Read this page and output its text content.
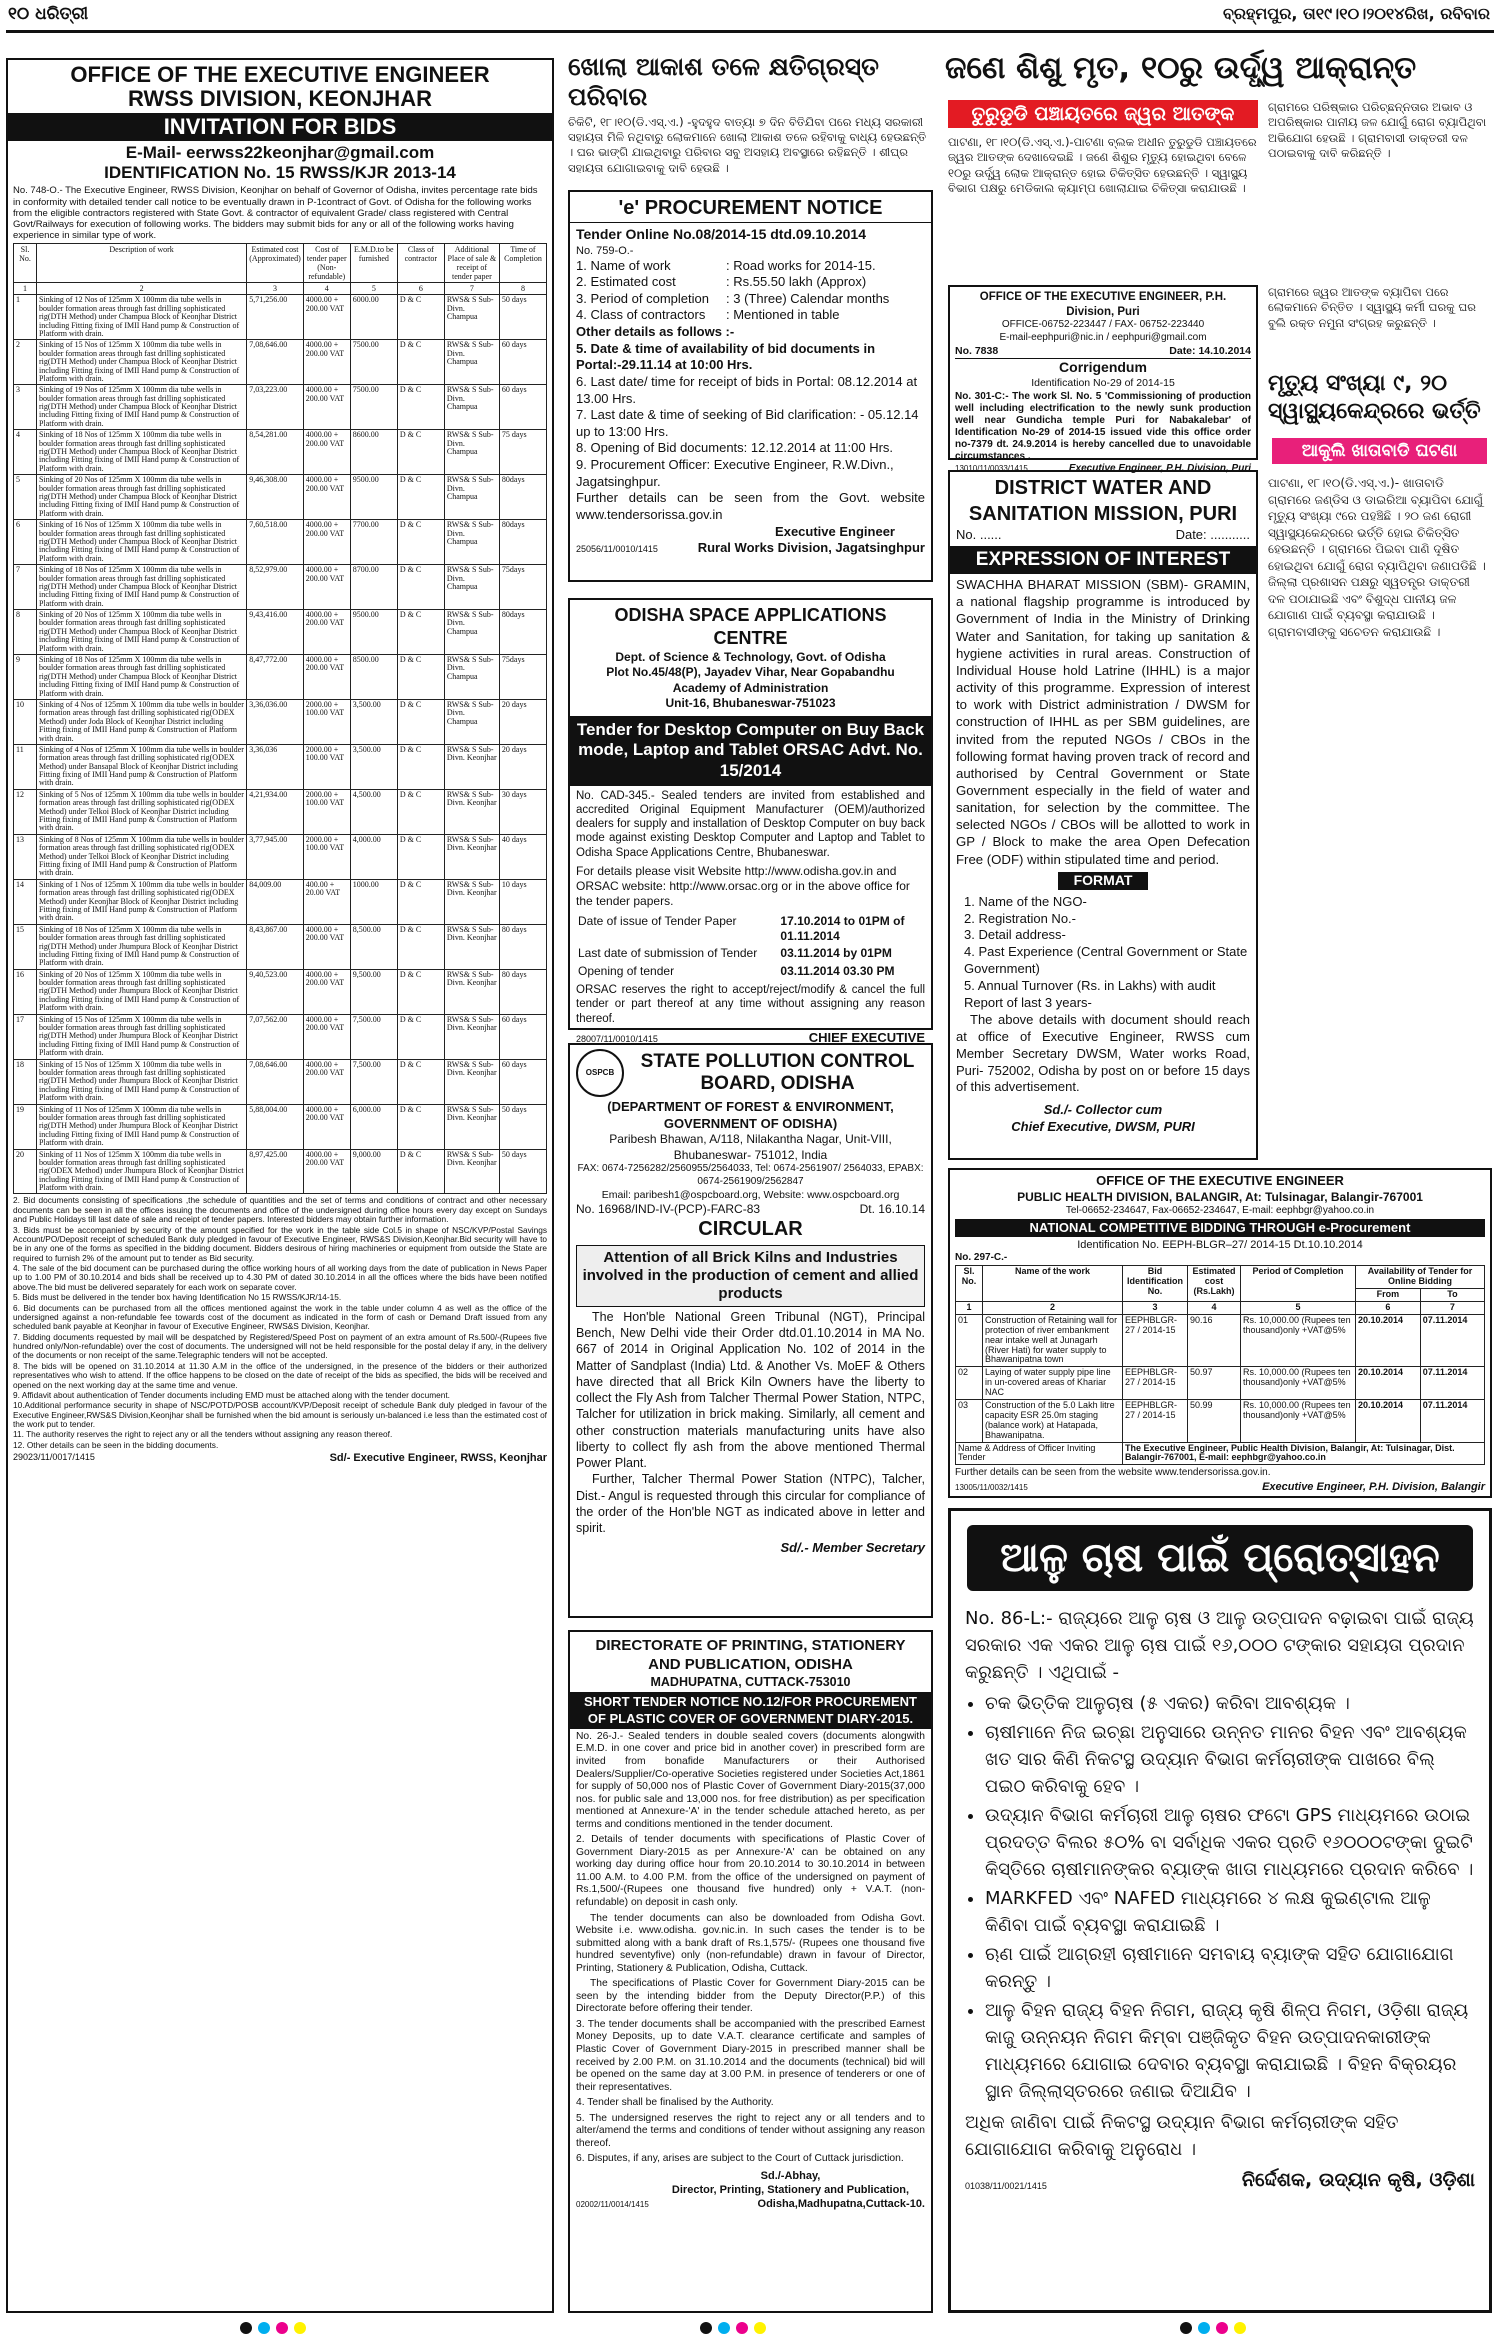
୧୦ ଧରିତ୍ରୀ	ବ୍ରହ୍ମପୁର, ତା୧୯।୧୦।୨୦୧୪ରିଖ, ରବିବାର
OFFICE OF THE EXECUTIVE ENGINEER
RWSS DIVISION, KEONJHAR
INVITATION FOR BIDS
E-Mail- eerwss22keonjhar@gmail.com
IDENTIFICATION No. 15 RWSS/KJR 2013-14
No. 748-O.- The Executive Engineer, RWSS Division, Keonjhar on behalf of Governor of Odisha, invites percentage rate bids in conformity with detailed tender call notice to be eventually drawn in P-1contract of Govt. of Odisha for the following works from the eligible contractors registered with State Govt. & contractor of equivalent Grade/ class registered with Central Govt/Railways for execution of following works. The bidders may submit bids for any or all of the following works having experience in similar type of work.
Sl. No.	Description of work	Estimated cost (Approximated)	Cost of tender paper (Non-refundable)	E.M.D.to be furnished	Class of contractor	Additional Place of sale & receipt of tender paper	Time of Completion
1	2	3	4	5	6	7	8
1	Sinking of 12 Nos of 125mm X 100mm dia tube wells in boulder formation areas through fast drilling sophisticated rig(DTH Method) under Champua Block of Keonjhar District including Fitting fixing of IMII Hand pump & Construction of Platform with drain.	5,71,256.00	4000.00 + 200.00 VAT	6000.00	D & C	RWS& S Sub-Divn. Champua	50 days
2	Sinking of 15 Nos of 125mm X 100mm dia tube wells in boulder formation areas through fast drilling sophisticated rig(DTH Method) under Champua Block of Keonjhar District including Fitting fixing of IMII Hand pump & Construction of Platform with drain.	7,08,646.00	4000.00 + 200.00 VAT	7500.00	D & C	RWS& S Sub-Divn. Champua	60 days
3	Sinking of 19 Nos of 125mm X 100mm dia tube wells in boulder formation areas through fast drilling sophisticated rig(DTH Method) under Champua Block of Keonjhar District including Fitting fixing of IMII Hand pump & Construction of Platform with drain.	7,03,223.00	4000.00 + 200.00 VAT	7500.00	D & C	RWS& S Sub-Divn. Champua	60 days
4	Sinking of 18 Nos of 125mm X 100mm dia tube wells in boulder formation areas through fast drilling sophisticated rig(DTH Method) under Champua Block of Keonjhar District including Fitting fixing of IMII Hand pump & Construction of Platform with drain.	8,54,281.00	4000.00 + 200.00 VAT	8600.00	D & C	RWS& S Sub-Divn. Champua	75 days
5	Sinking of 20 Nos of 125mm X 100mm dia tube wells in boulder formation areas through fast drilling sophisticated rig(DTH Method) under Champua Block of Keonjhar District including Fitting fixing of IMII Hand pump & Construction of Platform with drain.	9,46,308.00	4000.00 + 200.00 VAT	9500.00	D & C	RWS& S Sub-Divn. Champua	80days
6	Sinking of 16 Nos of 125mm X 100mm dia tube wells in boulder formation areas through fast drilling sophisticated rig(DTH Method) under Champua Block of Keonjhar District including Fitting fixing of IMII Hand pump & Construction of Platform with drain.	7,60,518.00	4000.00 + 200.00 VAT	7700.00	D & C	RWS& S Sub-Divn. Champua	80days
7	Sinking of 18 Nos of 125mm X 100mm dia tube wells in boulder formation areas through fast drilling sophisticated rig(DTH Method) under Champua Block of Keonjhar District including Fitting fixing of IMII Hand pump & Construction of Platform with drain.	8,52,979.00	4000.00 + 200.00 VAT	8700.00	D & C	RWS& S Sub-Divn. Champua	75days
8	Sinking of 20 Nos of 125mm X 100mm dia tube wells in boulder formation areas through fast drilling sophisticated rig(DTH Method) under Champua Block of Keonjhar District including Fitting fixing of IMII Hand pump & Construction of Platform with drain.	9,43,416.00	4000.00 + 200.00 VAT	9500.00	D & C	RWS& S Sub-Divn. Champua	80days
9	Sinking of 18 Nos of 125mm X 100mm dia tube wells in boulder formation areas through fast drilling sophisticated rig(DTH Method) under Champua Block of Keonjhar District including Fitting fixing of IMII Hand pump & Construction of Platform with drain.	8,47,772.00	4000.00 + 200.00 VAT	8500.00	D & C	RWS& S Sub-Divn. Champua	75days
10	Sinking of 4 Nos of 125mm X 100mm dia tube wells in boulder formation areas through fast drilling sophisticated rig(ODEX Method) under Joda Block of Keonjhar District including Fitting fixing of IMII Hand pump & Construction of Platform with drain.	3,36,036.00	2000.00 + 100.00 VAT	3,500.00	D & C	RWS& S Sub-Divn. Champua	20 days
11	Sinking of 4 Nos of 125mm X 100mm dia tube wells in boulder formation areas through fast drilling sophisticated rig(ODEX Method) under Bansapal Block of Keonjhar District including Fitting fixing of IMII Hand pump & Construction of Platform with drain.	3,36,036	2000.00 + 100.00 VAT	3,500.00	D & C	RWS& S Sub-Divn. Keonjhar	20 days
12	Sinking of 5 Nos of 125mm X 100mm dia tube wells in boulder formation areas through fast drilling sophisticated rig(ODEX Method) under Telkoi Block of Keonjhar District including Fitting fixing of IMII Hand pump & Construction of Platform with drain.	4,21,934.00	2000.00 + 100.00 VAT	4,500.00	D & C	RWS& S Sub-Divn. Keonjhar	30 days
13	Sinking of 8 Nos of 125mm X 100mm dia tube wells in boulder formation areas through fast drilling sophisticated rig(ODEX Method) under Telkoi Block of Keonjhar District including Fitting fixing of IMII Hand pump & Construction of Platform with drain.	3,77,945.00	2000.00 + 100.00 VAT	4,000.00	D & C	RWS& S Sub-Divn. Keonjhar	40 days
14	Sinking of 1 Nos of 125mm X 100mm dia tube wells in boulder formation areas through fast drilling sophisticated rig(ODEX Method) under Keonjhar Block of Keonjhar District including Fitting fixing of IMII Hand pump & Construction of Platform with drain.	84,009.00	400.00 + 20.00 VAT	1000.00	D & C	RWS& S Sub-Divn. Keonjhar	10 days
15	Sinking of 18 Nos of 125mm X 100mm dia tube wells in boulder formation areas through fast drilling sophisticated rig(DTH Method) under Jhumpura Block of Keonjhar District including Fitting fixing of IMII Hand pump & Construction of Platform with drain.	8,43,867.00	4000.00 + 200.00 VAT	8,500.00	D & C	RWS& S Sub-Divn. Keonjhar	80 days
16	Sinking of 20 Nos of 125mm X 100mm dia tube wells in boulder formation areas through fast drilling sophisticated rig(DTH Method) under Jhumpura Block of Keonjhar District including Fitting fixing of IMII Hand pump & Construction of Platform with drain.	9,40,523.00	4000.00 + 200.00 VAT	9,500.00	D & C	RWS& S Sub-Divn. Keonjhar	80 days
17	Sinking of 15 Nos of 125mm X 100mm dia tube wells in boulder formation areas through fast drilling sophisticated rig(DTH Method) under Jhumpura Block of Keonjhar District including Fitting fixing of IMII Hand pump & Construction of Platform with drain.	7,07,562.00	4000.00 + 200.00 VAT	7,500.00	D & C	RWS& S Sub-Divn. Keonjhar	60 days
18	Sinking of 15 Nos of 125mm X 100mm dia tube wells in boulder formation areas through fast drilling sophisticated rig(DTH Method) under Jhumpura Block of Keonjhar District including Fitting fixing of IMII Hand pump & Construction of Platform with drain.	7,08,646.00	4000.00 + 200.00 VAT	7,500.00	D & C	RWS& S Sub-Divn. Keonjhar	60 days
19	Sinking of 11 Nos of 125mm X 100mm dia tube wells in boulder formation areas through fast drilling sophisticated rig(DTH Method) under Jhumpura Block of Keonjhar District including Fitting fixing of IMII Hand pump & Construction of Platform with drain.	5,88,004.00	4000.00 + 200.00 VAT	6,000.00	D & C	RWS& S Sub-Divn. Keonjhar	50 days
20	Sinking of 11 Nos of 125mm X 100mm dia tube wells in boulder formation areas through fast drilling sophisticated rig(ODEX Method) under Jhumpura Block of Keonjhar District including Fitting fixing of IMII Hand pump & Construction of Platform with drain.	8,97,425.00	4000.00 + 200.00 VAT	9,000.00	D & C	RWS& S Sub-Divn. Keonjhar	50 days
2. Bid documents consisting of specifications ,the schedule of quantities and the set of terms and conditions of contract and other necessary documents can be seen in all the offices issuing the documents and office of the undersigned during office hours every day except on Sundays and Public Holidays till last date of sale and receipt of tender papers. Interested bidders may obtain further information.
3. Bids must be accompanied by security of the amount specified for the work in the table side Col.5 in shape of NSC/KVP/Postal Savings Account/PO/Deposit receipt of scheduled Bank duly pledged in favour of Executive Engineer, RWS&S Division,Keonjhar.Bid security will have to be in any one of the forms as specified in the bidding document. Bidders desirous of hiring machineries or equipment from outside the State are required to furnish 2% of the amount put to tender as Bid security.
4. The sale of the bid document can be purchased during the office working hours of all working days from the date of publication in News Paper up to 1.00 PM of 30.10.2014 and bids shall be received up to 4.30 PM of dated 30.10.2014 in all the offices where the bids have been notified above.The bid must be delivered separately for each work on separate cover.
5. Bids must be delivered in the tender box having Identification No 15 RWSS/KJR/14-15.
6. Bid documents can be purchased from all the offices mentioned against the work in the table under column 4 as well as the office of the undersigned against a non-refundable fee towards cost of the document as indicated in the form of cash or Demand Draft issued from any scheduled bank payable at Keonjhar in favour of Executive Engineer, RWS&S Division, Keonjhar.
7. Bidding documents requested by mail will be despatched by Registered/Speed Post on payment of an extra amount of Rs.500/-(Rupees five hundred only/Non-refundable) over the cost of documents. The undersigned will not be held responsible for the postal delay if any, in the delivery of the documents or non receipt of the same.Telegraphic tenders will not be accepted.
8. The bids will be opened on 31.10.2014 at 11.30 A.M in the office of the undersigned, in the presence of the bidders or their authorized representatives who wish to attend. If the office happens to be closed on the date of receipt of the bids as specified, the bids will be received and opened on the next working day at the same time and venue.
9. Affidavit about authentication of Tender documents including EMD must be attached along with the tender document.
10.Additional performance security in shape of NSC/POTD/POSB account/KVP/Deposit receipt of schedule Bank duly pledged in favour of the Executive Engineer,RWS&S Division,Keonjhar shall be furnished when the bid amount is seriously un-balanced i.e less than the estimated cost of the work put to tender.
11. The authority reserves the right to reject any or all the tenders without assigning any reason thereof.
12. Other details can be seen in the bidding documents.
29023/11/0017/1415	Sd/- Executive Engineer, RWSS, Keonjhar
ଖୋଲା ଆକାଶ ତଳେ କ୍ଷତିଗ୍ରସ୍ତ ପରିବାର
ଚିକିଟି, ୧୮।୧୦(ଡି.ଏସ୍.ଏ.) -ହୁଦହୁଦ ବାତ୍ୟା ୭ ଦିନ ବିତିଯିବା ପରେ ମଧ୍ୟ ସରକାରୀ ସହାୟତା ମିଳି ନଥିବାରୁ ଲୋକମାନେ ଖୋଲା ଆକାଶ ତଳେ ରହିବାକୁ ବାଧ୍ୟ ହେଉଛନ୍ତି । ଘର ଭାଙ୍ଗି ଯାଇଥିବାରୁ ପରିବାର ସବୁ ଅସହାୟ ଅବସ୍ଥାରେ ରହିଛନ୍ତି । ଶୀଘ୍ର ସହାୟତା ଯୋଗାଇବାକୁ ଦାବି ହେଉଛି ।
'e' PROCUREMENT NOTICE
Tender Online No.08/2014-15 dtd.09.10.2014
No. 759-O.-
1. Name of work	: Road works for 2014-15.
2. Estimated cost	: Rs.55.50 lakh (Approx)
3. Period of completion	: 3 (Three) Calendar months
4. Class of contractors	: Mentioned in table
Other details as follows :-
5. Date & time of availability of bid documents in Portal:-29.11.14 at 10:00 Hrs.
6. Last date/ time for receipt of bids in Portal: 08.12.2014 at 13.00 Hrs.
7. Last date & time of seeking of Bid clarification: - 05.12.14 up to 13:00 Hrs.
8. Opening of Bid documents: 12.12.2014 at 11:00 Hrs.
9. Procurement Officer: Executive Engineer, R.W.Divn., Jagatsinghpur.
Further details can be seen from the Govt. website www.tendersorissa.gov.in
Executive Engineer
25056/11/0010/1415	Rural Works Division, Jagatsinghpur
ODISHA SPACE APPLICATIONS CENTRE
Dept. of Science & Technology, Govt. of Odisha
Plot No.45/48(P), Jayadev Vihar, Near Gopabandhu
Academy of Administration
Unit-16, Bhubaneswar-751023
Tender for Desktop Computer on Buy Back mode, Laptop and Tablet ORSAC Advt. No. 15/2014
No. CAD-345.- Sealed tenders are invited from established and accredited Original Equipment Manufacturer (OEM)/authorized dealers for supply and installation of Desktop Computer on buy back mode against existing Desktop Computer and Laptop and Tablet to Odisha Space Applications Centre, Bhubaneswar.
For details please visit Website http://www.odisha.gov.in and ORSAC website: http://www.orsac.org or in the above office for the tender papers.
Date of issue of Tender Paper	17.10.2014 to 01PM of 01.11.2014
Last date of submission of Tender	03.11.2014 by 01PM
Opening of tender	03.11.2014 03.30 PM
ORSAC reserves the right to accept/reject/modify & cancel the full tender or part thereof at any time without assigning any reason thereof.
28007/11/0010/1415	CHIEF EXECUTIVE
OSPCB
STATE POLLUTION CONTROL BOARD, ODISHA
(DEPARTMENT OF FOREST & ENVIRONMENT, GOVERNMENT OF ODISHA)
Paribesh Bhawan, A/118, Nilakantha Nagar, Unit-VIII, Bhubaneswar- 751012, India
FAX: 0674-7256282/2560955/2564033, Tel: 0674-2561907/ 2564033, EPABX: 0674-2561909/2562847
Email: paribesh1@ospcboard.org, Website: www.ospcboard.org
No. 16968/IND-IV-(PCP)-FARC-83	Dt. 16.10.14
CIRCULAR
Attention of all Brick Kilns and Industries involved in the production of cement and allied products
The Hon'ble National Green Tribunal (NGT), Principal Bench, New Delhi vide their Order dtd.01.10.2014 in MA No. 667 of 2014 in Original Application No. 102 of 2014 in the Matter of Sandplast (India) Ltd. & Another Vs. MoEF & Others have directed that all Brick Kiln Owners have the liberty to collect the Fly Ash from Talcher Thermal Power Station, NTPC, Talcher for utilization in brick making. Similarly, all cement and other construction materials manufacturing units have also liberty to collect fly ash from the above mentioned Thermal Power Plant.
Further, Talcher Thermal Power Station (NTPC), Talcher, Dist.- Angul is requested through this circular for compliance of the order of the Hon'ble NGT as indicated above in letter and spirit.
Sd/.- Member Secretary
DIRECTORATE OF PRINTING, STATIONERY
AND PUBLICATION, ODISHA
MADHUPATNA, CUTTACK-753010
SHORT TENDER NOTICE NO.12/FOR PROCUREMENT OF PLASTIC COVER OF GOVERNMENT DIARY-2015.

No. 26-J.- Sealed tenders in double sealed covers (documents alongwith E.M.D. in one cover and price bid in another cover) in prescribed form are invited from bonafide Manufacturers or their Authorised Dealers/Supplier/Co-operative Societies registered under Societies Act,1861 for supply of 50,000 nos of Plastic Cover of Government Diary-2015(37,000 nos. for public sale and 13,000 nos. for free distribution) as per specification mentioned at Annexure-'A' in the tender schedule attached hereto, as per terms and conditions mentioned in the tender document.

2. Details of tender documents with specifications of Plastic Cover of Government Diary-2015 as per Annexure-'A' can be obtained on any working day during office hour from 20.10.2014 to 30.10.2014 in between 11.00 A.M. to 4.00 P.M. from the office of the undersigned on payment of Rs.1,500/-(Rupees one thousand five hundred) only + V.A.T. (non-refundable) on deposit in cash only.

The tender documents can also be downloaded from Odisha Govt. Website i.e. www.odisha. gov.nic.in. In such cases the tender is to be submitted along with a bank draft of Rs.1,575/- (Rupees one thousand five hundred seventyfive) only (non-refundable) drawn in favour of Director, Printing, Stationery & Publication, Odisha, Cuttack.

The specifications of Plastic Cover for Government Diary-2015 can be seen by the intending bidder from the Deputy Director(P.P.) of this Directorate before offering their tender.

3. The tender documents shall be accompanied with the prescribed Earnest Money Deposits, up to date V.A.T. clearance certificate and samples of Plastic Cover of Government Diary-2015 in prescribed manner shall be received by 2.00 P.M. on 31.10.2014 and the documents (technical) bid will be opened on the same day at 3.00 P.M. in presence of tenderers or one of their representatives.

4. Tender shall be finalised by the Authority.

5. The undersigned reserves the right to reject any or all tenders and to alter/amend the terms and conditions of tender without assigning any reason thereof.

6. Disputes, if any, arises are subject to the Court of Cuttack jurisdiction.

Sd./-Abhay,
Director, Printing, Stationery and Publication,
02002/11/0014/1415	Odisha,Madhupatna,Cuttack-10.
ଜଣେ ଶିଶୁ ମୃତ, ୧୦ରୁ ଉର୍ଦ୍ଧ୍ୱ ଆକ୍ରାନ୍ତ
ତୁରୁଡୁଡି ପଞ୍ଚାୟତରେ ଜ୍ୱର ଆତଙ୍କ
ପାଟଣା, ୧୮।୧୦(ଡି.ଏସ୍.ଏ.)-ପାଟଣା ବ୍ଲକ ଅଧୀନ ତୁରୁଡୁଡି ପଞ୍ଚାୟତରେ ଜ୍ୱର ଆତଙ୍କ ଦେଖାଦେଇଛି । ଜଣେ ଶିଶୁର ମୃତ୍ୟୁ ହୋଇଥିବା ବେଳେ ୧୦ରୁ ଉର୍ଦ୍ଧ୍ୱ ଲୋକ ଆକ୍ରାନ୍ତ ହୋଇ ଚିକିତ୍ସିତ ହେଉଛନ୍ତି । ସ୍ୱାସ୍ଥ୍ୟ ବିଭାଗ ପକ୍ଷରୁ ମେଡିକାଲ କ୍ୟାମ୍ପ ଖୋଲାଯାଇ ଚିକିତ୍ସା କରାଯାଉଛି ।
ଗ୍ରାମରେ ପରିଷ୍କାର ପରିଚ୍ଛନ୍ନତାର ଅଭାବ ଓ ଅପରିଷ୍କାର ପାନୀୟ ଜଳ ଯୋଗୁଁ ରୋଗ ବ୍ୟାପିଥିବା ଅଭିଯୋଗ ହେଉଛି । ଗ୍ରାମବାସୀ ଡାକ୍ତରୀ ଦଳ ପଠାଇବାକୁ ଦାବି କରିଛନ୍ତି ।
OFFICE OF THE EXECUTIVE ENGINEER, P.H. Division, Puri
OFFICE-06752-223447 / FAX- 06752-223440
E-mail-eephpuri@nic.in / eephpuri@gmail.com
No. 7838	Date: 14.10.2014
Corrigendum
Identification No-29 of 2014-15
No. 301-C:- The work Sl. No. 5 'Commissioning of production well including electrification to the newly sunk production well near Gundicha temple Puri for Nabakalebar' of Identification No-29 of 2014-15 issued vide this office order no-7379 dt. 24.9.2014 is hereby cancelled due to unavoidable circumstances .
13010/11/0033/1415	Executive Engineer, P.H. Division, Puri
DISTRICT WATER AND
SANITATION MISSION, PURI
No. ......	Date: ...........
EXPRESSION OF INTEREST
SWACHHA BHARAT MISSION (SBM)- GRAMIN, a national flagship programme is introduced by Government of India in the Ministry of Drinking Water and Sanitation, for taking up sanitation & hygiene activities in rural areas. Construction of Individual House hold Latrine (IHHL) is a major activity of this programme. Expression of interest to work with District administration / DWSM for construction of IHHL as per SBM guidelines, are invited from the reputed NGOs / CBOs in the following format having proven track of record and authorised by Central Government or State Government especially in the field of water and sanitation, for selection by the committee. The selected NGOs / CBOs will be allotted to work in GP / Block to make the area Open Defecation Free (ODF) within stipulated time and period.
FORMAT
1. Name of the NGO-
2. Registration No.-
3. Detail address-
4. Past Experience (Central Government or State Government)
5. Annual Turnover (Rs. in Lakhs) with audit Report of last 3 years-
The above details with document should reach at office of Executive Engineer, RWSS cum Member Secretary DWSM, Water works Road, Puri- 752002, Odisha by post on or before 15 days of this advertisement.
Sd./- Collector cum
Chief Executive, DWSM, PURI
ଗ୍ରାମରେ ଜ୍ୱର ଆତଙ୍କ ବ୍ୟାପିବା ପରେ ଲୋକମାନେ ଚିନ୍ତିତ । ସ୍ୱାସ୍ଥ୍ୟ କର୍ମୀ ଘରକୁ ଘର ବୁଲି ରକ୍ତ ନମୁନା ସଂଗ୍ରହ କରୁଛନ୍ତି ।
ମୃତ୍ୟୁ ସଂଖ୍ୟା ୯, ୨୦ ସ୍ୱାସ୍ଥ୍ୟକେନ୍ଦ୍ରରେ ଭର୍ତ୍ତି
ଆକୁଲି ଖାତାବାଡି ଘଟଣା
ପାଟଣା, ୧୮।୧୦(ଡି.ଏସ୍.ଏ.)- ଖାତାବାଡି ଗ୍ରାମରେ ଜଣ୍ଡିସ ଓ ଡାଇରିଆ ବ୍ୟାପିବା ଯୋଗୁଁ ମୃତ୍ୟୁ ସଂଖ୍ୟା ୯ରେ ପହଞ୍ଚିଛି । ୨୦ ଜଣ ରୋଗୀ ସ୍ୱାସ୍ଥ୍ୟକେନ୍ଦ୍ରରେ ଭର୍ତ୍ତି ହୋଇ ଚିକିତ୍ସିତ ହେଉଛନ୍ତି । ଗ୍ରାମରେ ପିଇବା ପାଣି ଦୂଷିତ ହୋଇଥିବା ଯୋଗୁଁ ରୋଗ ବ୍ୟାପିଥିବା ଜଣାପଡିଛି । ଜିଲ୍ଲା ପ୍ରଶାସନ ପକ୍ଷରୁ ସ୍ୱତନ୍ତ୍ର ଡାକ୍ତରୀ ଦଳ ପଠାଯାଇଛି ଏବଂ ବିଶୁଦ୍ଧ ପାନୀୟ ଜଳ ଯୋଗାଣ ପାଇଁ ବ୍ୟବସ୍ଥା କରାଯାଉଛି । ଗ୍ରାମବାସୀଙ୍କୁ ସଚେତନ କରାଯାଉଛି ।
OFFICE OF THE EXECUTIVE ENGINEER
PUBLIC HEALTH DIVISION, BALANGIR, At: Tulsinagar, Balangir-767001
Tel-06652-234647, Fax-06652-234647, E-mail: eephbgr@yahoo.co.in
NATIONAL COMPETITIVE BIDDING THROUGH e-Procurement
Identification No. EEPH-BLGR–27/ 2014-15 Dt.10.10.2014
No. 297-C.-
Sl. No.	Name of the work	Bid Identification No.	Estimated cost (Rs.Lakh)	Period of Completion	Availability of Tender for Online Bidding	
					From	To
1	2	3	4	5	6	7
01	Construction of Retaining wall for protection of river embankment near intake well at Junagarh (River Hati) for water supply to Bhawanipatna town	EEPHBLGR-27 / 2014-15	90.16	Rs. 10,000.00 (Rupees ten thousand)only +VAT@5%	20.10.2014	07.11.2014
02	Laying of water supply pipe line in un-covered areas of Khariar NAC	EEPHBLGR-27 / 2014-15	50.97	Rs. 10,000.00 (Rupees ten thousand)only +VAT@5%	20.10.2014	07.11.2014
03	Construction of the 5.0 Lakh litre capacity ESR 25.0m staging (balance work) at Hatapada, Bhawanipatna.	EEPHBLGR-27 / 2014-15	50.99	Rs. 10,000.00 (Rupees ten thousand)only +VAT@5%	20.10.2014	07.11.2014
Name & Address of Officer Inviting Tender		The Executive Engineer, Public Health Division, Balangir, At: Tulsinagar, Dist. Balangir-767001, E-mail: eephbgr@yahoo.co.in				
Further details can be seen from the website www.tendersorissa.gov.in.
13005/11/0032/1415	Executive Engineer, P.H. Division, Balangir
ଆଳୁ ଚାଷ ପାଇଁ ପ୍ରୋତ୍ସାହନ
No. 86-L:- ରାଜ୍ୟରେ ଆଳୁ ଚାଷ ଓ ଆଳୁ ଉତ୍ପାଦନ ବଢ଼ାଇବା ପାଇଁ ରାଜ୍ୟ ସରକାର ଏକ ଏକର ଆଳୁ ଚାଷ ପାଇଁ ୧୬,୦୦୦ ଟଙ୍କାର ସହାୟତା ପ୍ରଦାନ କରୁଛନ୍ତି । ଏଥିପାଇଁ -
• ଚକ ଭିତ୍ତିକ ଆଳୁଚାଷ (୫ ଏକର) କରିବା ଆବଶ୍ୟକ ।
• ଚାଷୀମାନେ ନିଜ ଇଚ୍ଛା ଅନୁସାରେ ଉନ୍ନତ ମାନର ବିହନ ଏବଂ ଆବଶ୍ୟକ ଖତ ସାର କିଣି ନିକଟସ୍ଥ ଉଦ୍ୟାନ ବିଭାଗ କର୍ମଚାରୀଙ୍କ ପାଖରେ ବିଲ୍ ପଇଠ କରିବାକୁ ହେବ ।
• ଉଦ୍ୟାନ ବିଭାଗ କର୍ମଚାରୀ ଆଳୁ ଚାଷର ଫଟୋ GPS ମାଧ୍ୟମରେ ଉଠାଇ ପ୍ରଦତ୍ତ ବିଲର ୫୦% ବା ସର୍ବାଧିକ ଏକର ପ୍ରତି ୧୬୦୦୦ଟଙ୍କା ଦୁଇଟି କିସ୍ତିରେ ଚାଷୀମାନଙ୍କର ବ୍ୟାଙ୍କ ଖାତା ମାଧ୍ୟମରେ ପ୍ରଦାନ କରିବେ ।
• MARKFED ଏବଂ NAFED ମାଧ୍ୟମରେ ୪ ଲକ୍ଷ କୁଇଣ୍ଟାଲ ଆଳୁ କିଣିବା ପାଇଁ ବ୍ୟବସ୍ଥା କରାଯାଇଛି ।
• ଋଣ ପାଇଁ ଆଗ୍ରହୀ ଚାଷୀମାନେ ସମବାୟ ବ୍ୟାଙ୍କ ସହିତ ଯୋଗାଯୋଗ କରନ୍ତୁ ।
• ଆଳୁ ବିହନ ରାଜ୍ୟ ବିହନ ନିଗମ, ରାଜ୍ୟ କୃଷି ଶିଳ୍ପ ନିଗମ, ଓଡ଼ିଶା ରାଜ୍ୟ କାଜୁ ଉନ୍ନୟନ ନିଗମ କିମ୍ବା ପଞ୍ଜିକୃତ ବିହନ ଉତ୍ପାଦନକାରୀଙ୍କ ମାଧ୍ୟମରେ ଯୋଗାଇ ଦେବାର ବ୍ୟବସ୍ଥା କରାଯାଇଛି । ବିହନ ବିକ୍ରୟର ସ୍ଥାନ ଜିଲ୍ଲାସ୍ତରରେ ଜଣାଇ ଦିଆଯିବ ।
ଅଧିକ ଜାଣିବା ପାଇଁ ନିକଟସ୍ଥ ଉଦ୍ୟାନ ବିଭାଗ କର୍ମଚାରୀଙ୍କ ସହିତ ଯୋଗାଯୋଗ କରିବାକୁ ଅନୁରୋଧ ।
01038/11/0021/1415	ନିର୍ଦ୍ଦେଶକ, ଉଦ୍ୟାନ କୃଷି, ଓଡ଼ିଶା
